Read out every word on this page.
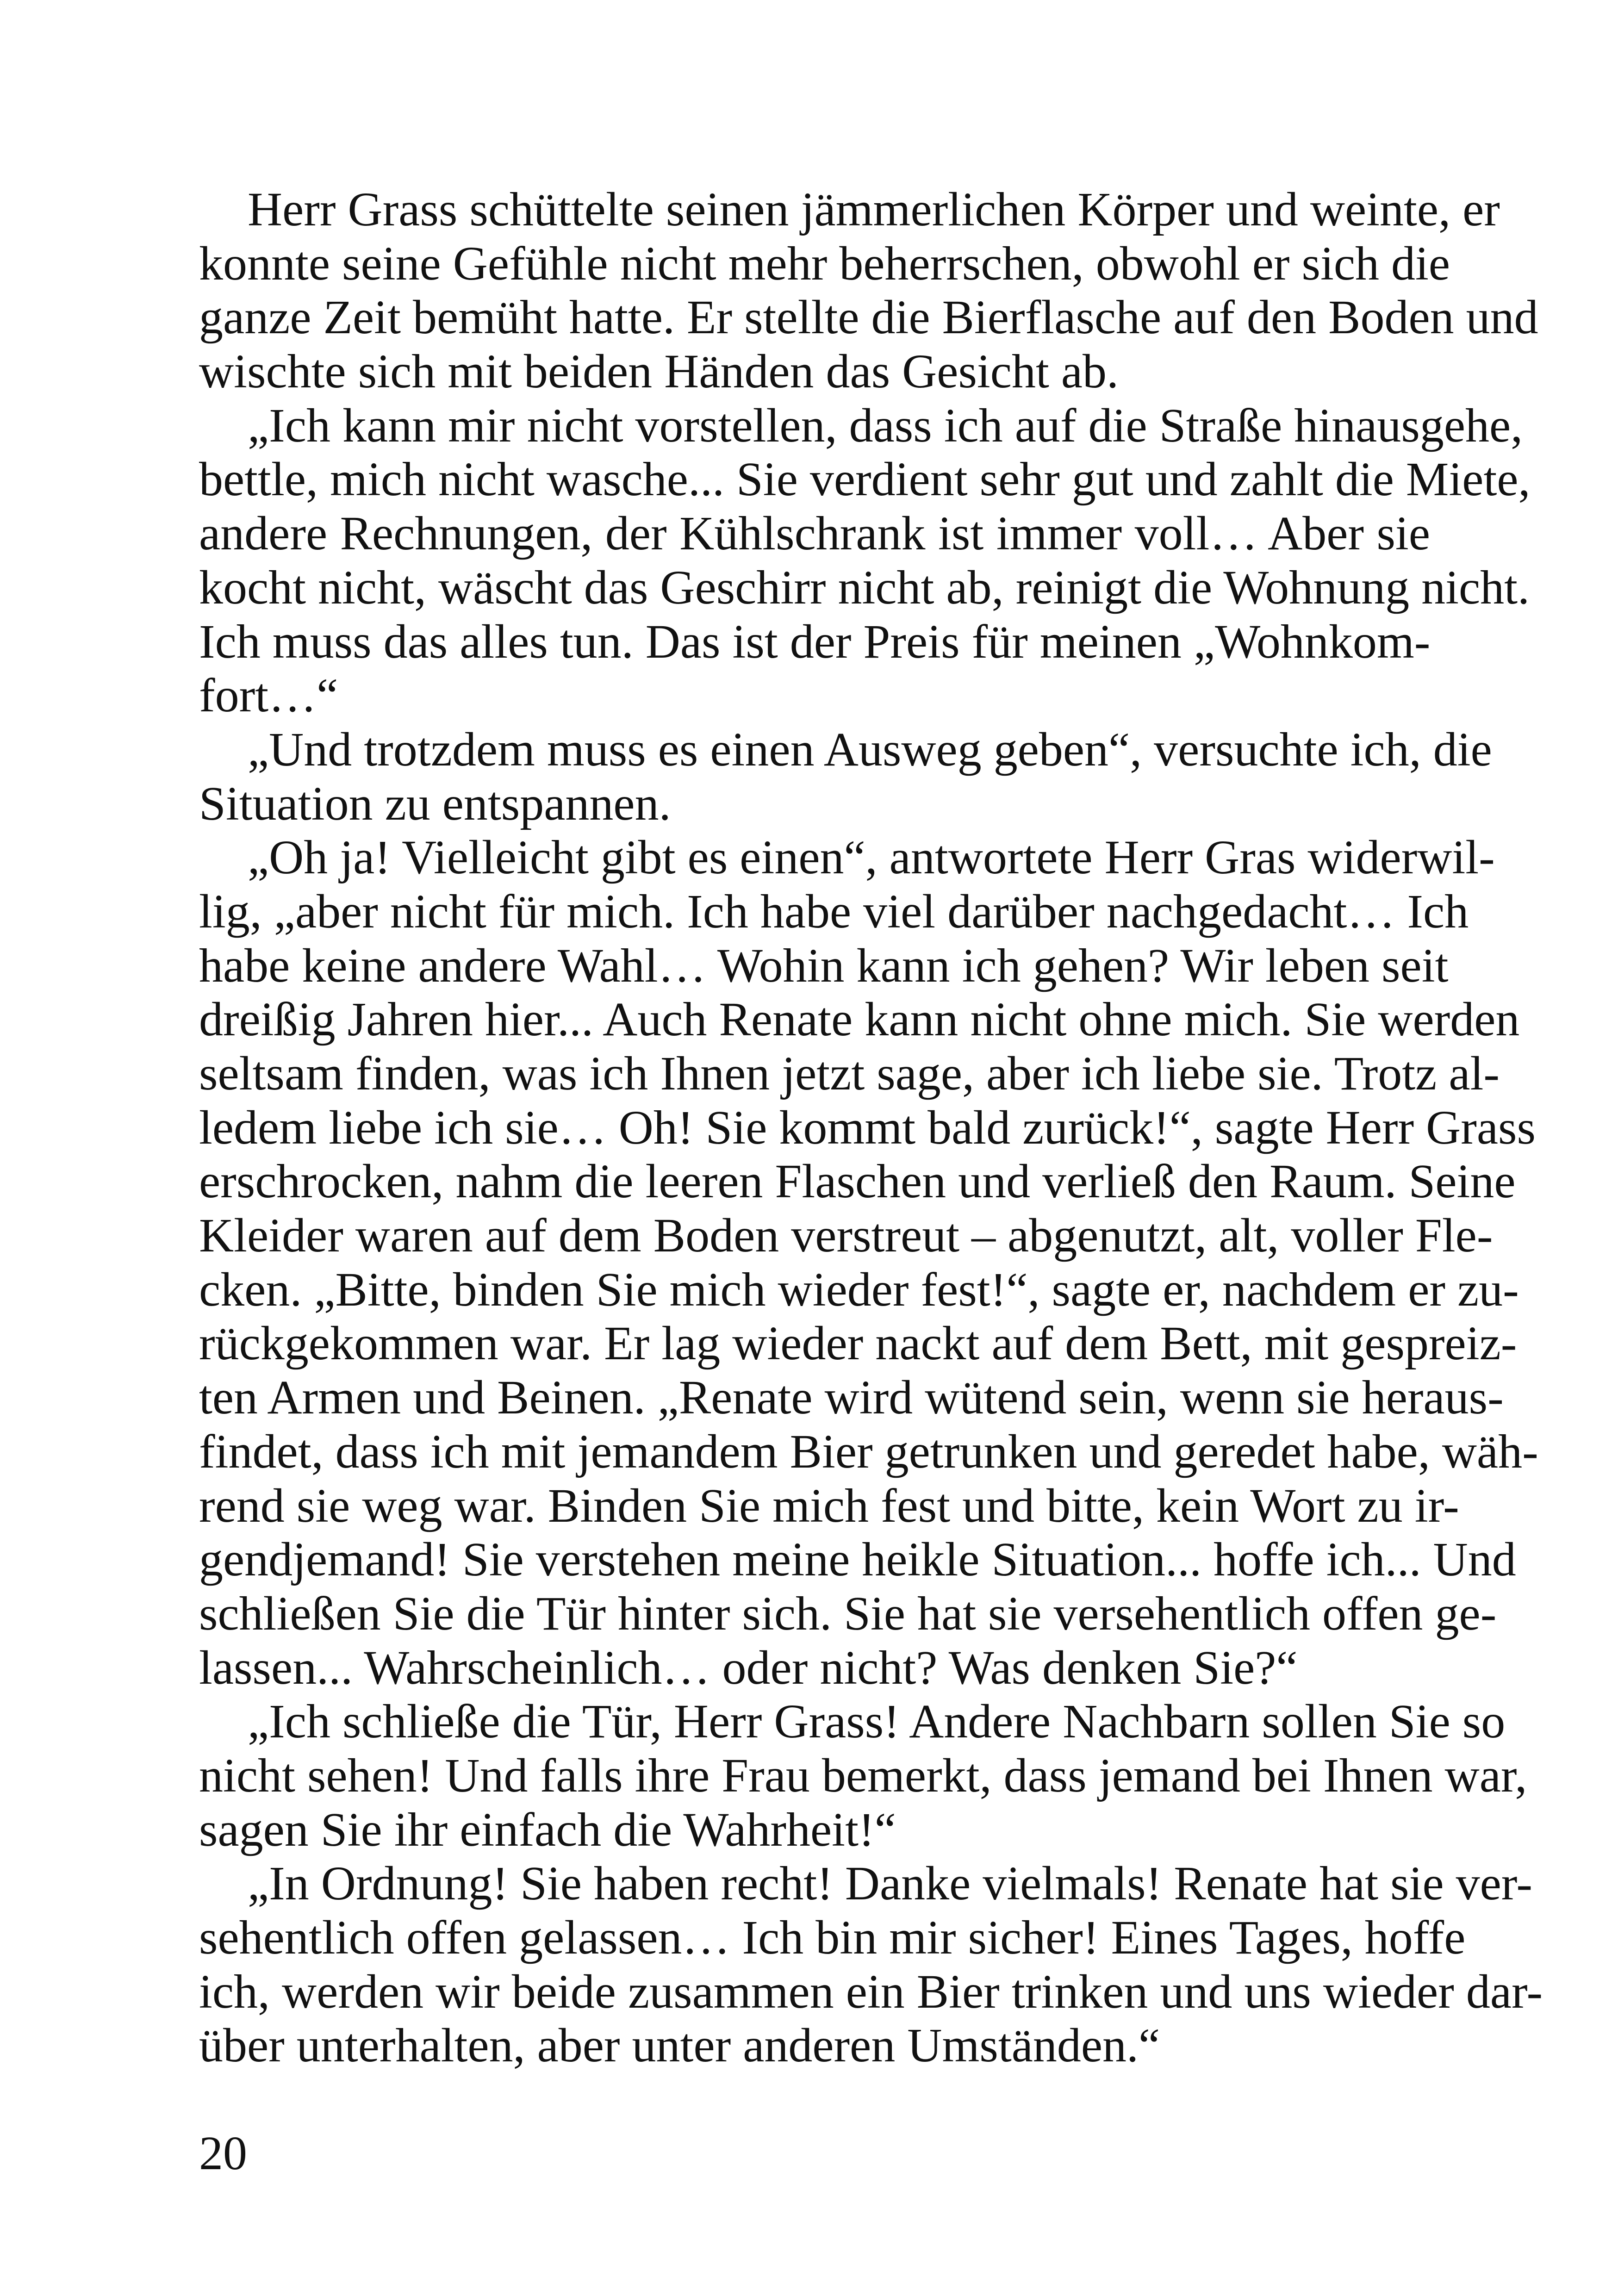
Herr Grass schüttelte seinen jämmerlichen Körper und weinte, er
konnte seine Gefühle nicht mehr beherrschen, obwohl er sich die
ganze Zeit bemüht hatte. Er stellte die Bierflasche auf den Boden und
wischte sich mit beiden Händen das Gesicht ab.
„Ich kann mir nicht vorstellen, dass ich auf die Straße hinausgehe,
bettle, mich nicht wasche... Sie verdient sehr gut und zahlt die Miete,
andere Rechnungen, der Kühlschrank ist immer voll… Aber sie
kocht nicht, wäscht das Geschirr nicht ab, reinigt die Wohnung nicht.
Ich muss das alles tun. Das ist der Preis für meinen „Wohnkom-
fort…“
„Und trotzdem muss es einen Ausweg geben“, versuchte ich, die
Situation zu entspannen.
„Oh ja! Vielleicht gibt es einen“, antwortete Herr Gras widerwil-
lig, „aber nicht für mich. Ich habe viel darüber nachgedacht… Ich
habe keine andere Wahl… Wohin kann ich gehen? Wir leben seit
dreißig Jahren hier... Auch Renate kann nicht ohne mich. Sie werden
seltsam finden, was ich Ihnen jetzt sage, aber ich liebe sie. Trotz al-
ledem liebe ich sie… Oh! Sie kommt bald zurück!“, sagte Herr Grass
erschrocken, nahm die leeren Flaschen und verließ den Raum. Seine
Kleider waren auf dem Boden verstreut – abgenutzt, alt, voller Fle-
cken. „Bitte, binden Sie mich wieder fest!“, sagte er, nachdem er zu-
rückgekommen war. Er lag wieder nackt auf dem Bett, mit gespreiz-
ten Armen und Beinen. „Renate wird wütend sein, wenn sie heraus-
findet, dass ich mit jemandem Bier getrunken und geredet habe, wäh-
rend sie weg war. Binden Sie mich fest und bitte, kein Wort zu ir-
gendjemand! Sie verstehen meine heikle Situation... hoffe ich... Und
schließen Sie die Tür hinter sich. Sie hat sie versehentlich offen ge-
lassen... Wahrscheinlich… oder nicht? Was denken Sie?“
„Ich schließe die Tür, Herr Grass! Andere Nachbarn sollen Sie so
nicht sehen! Und falls ihre Frau bemerkt, dass jemand bei Ihnen war,
sagen Sie ihr einfach die Wahrheit!“
„In Ordnung! Sie haben recht! Danke vielmals! Renate hat sie ver-
sehentlich offen gelassen… Ich bin mir sicher! Eines Tages, hoffe
ich, werden wir beide zusammen ein Bier trinken und uns wieder dar-
über unterhalten, aber unter anderen Umständen.“
20
